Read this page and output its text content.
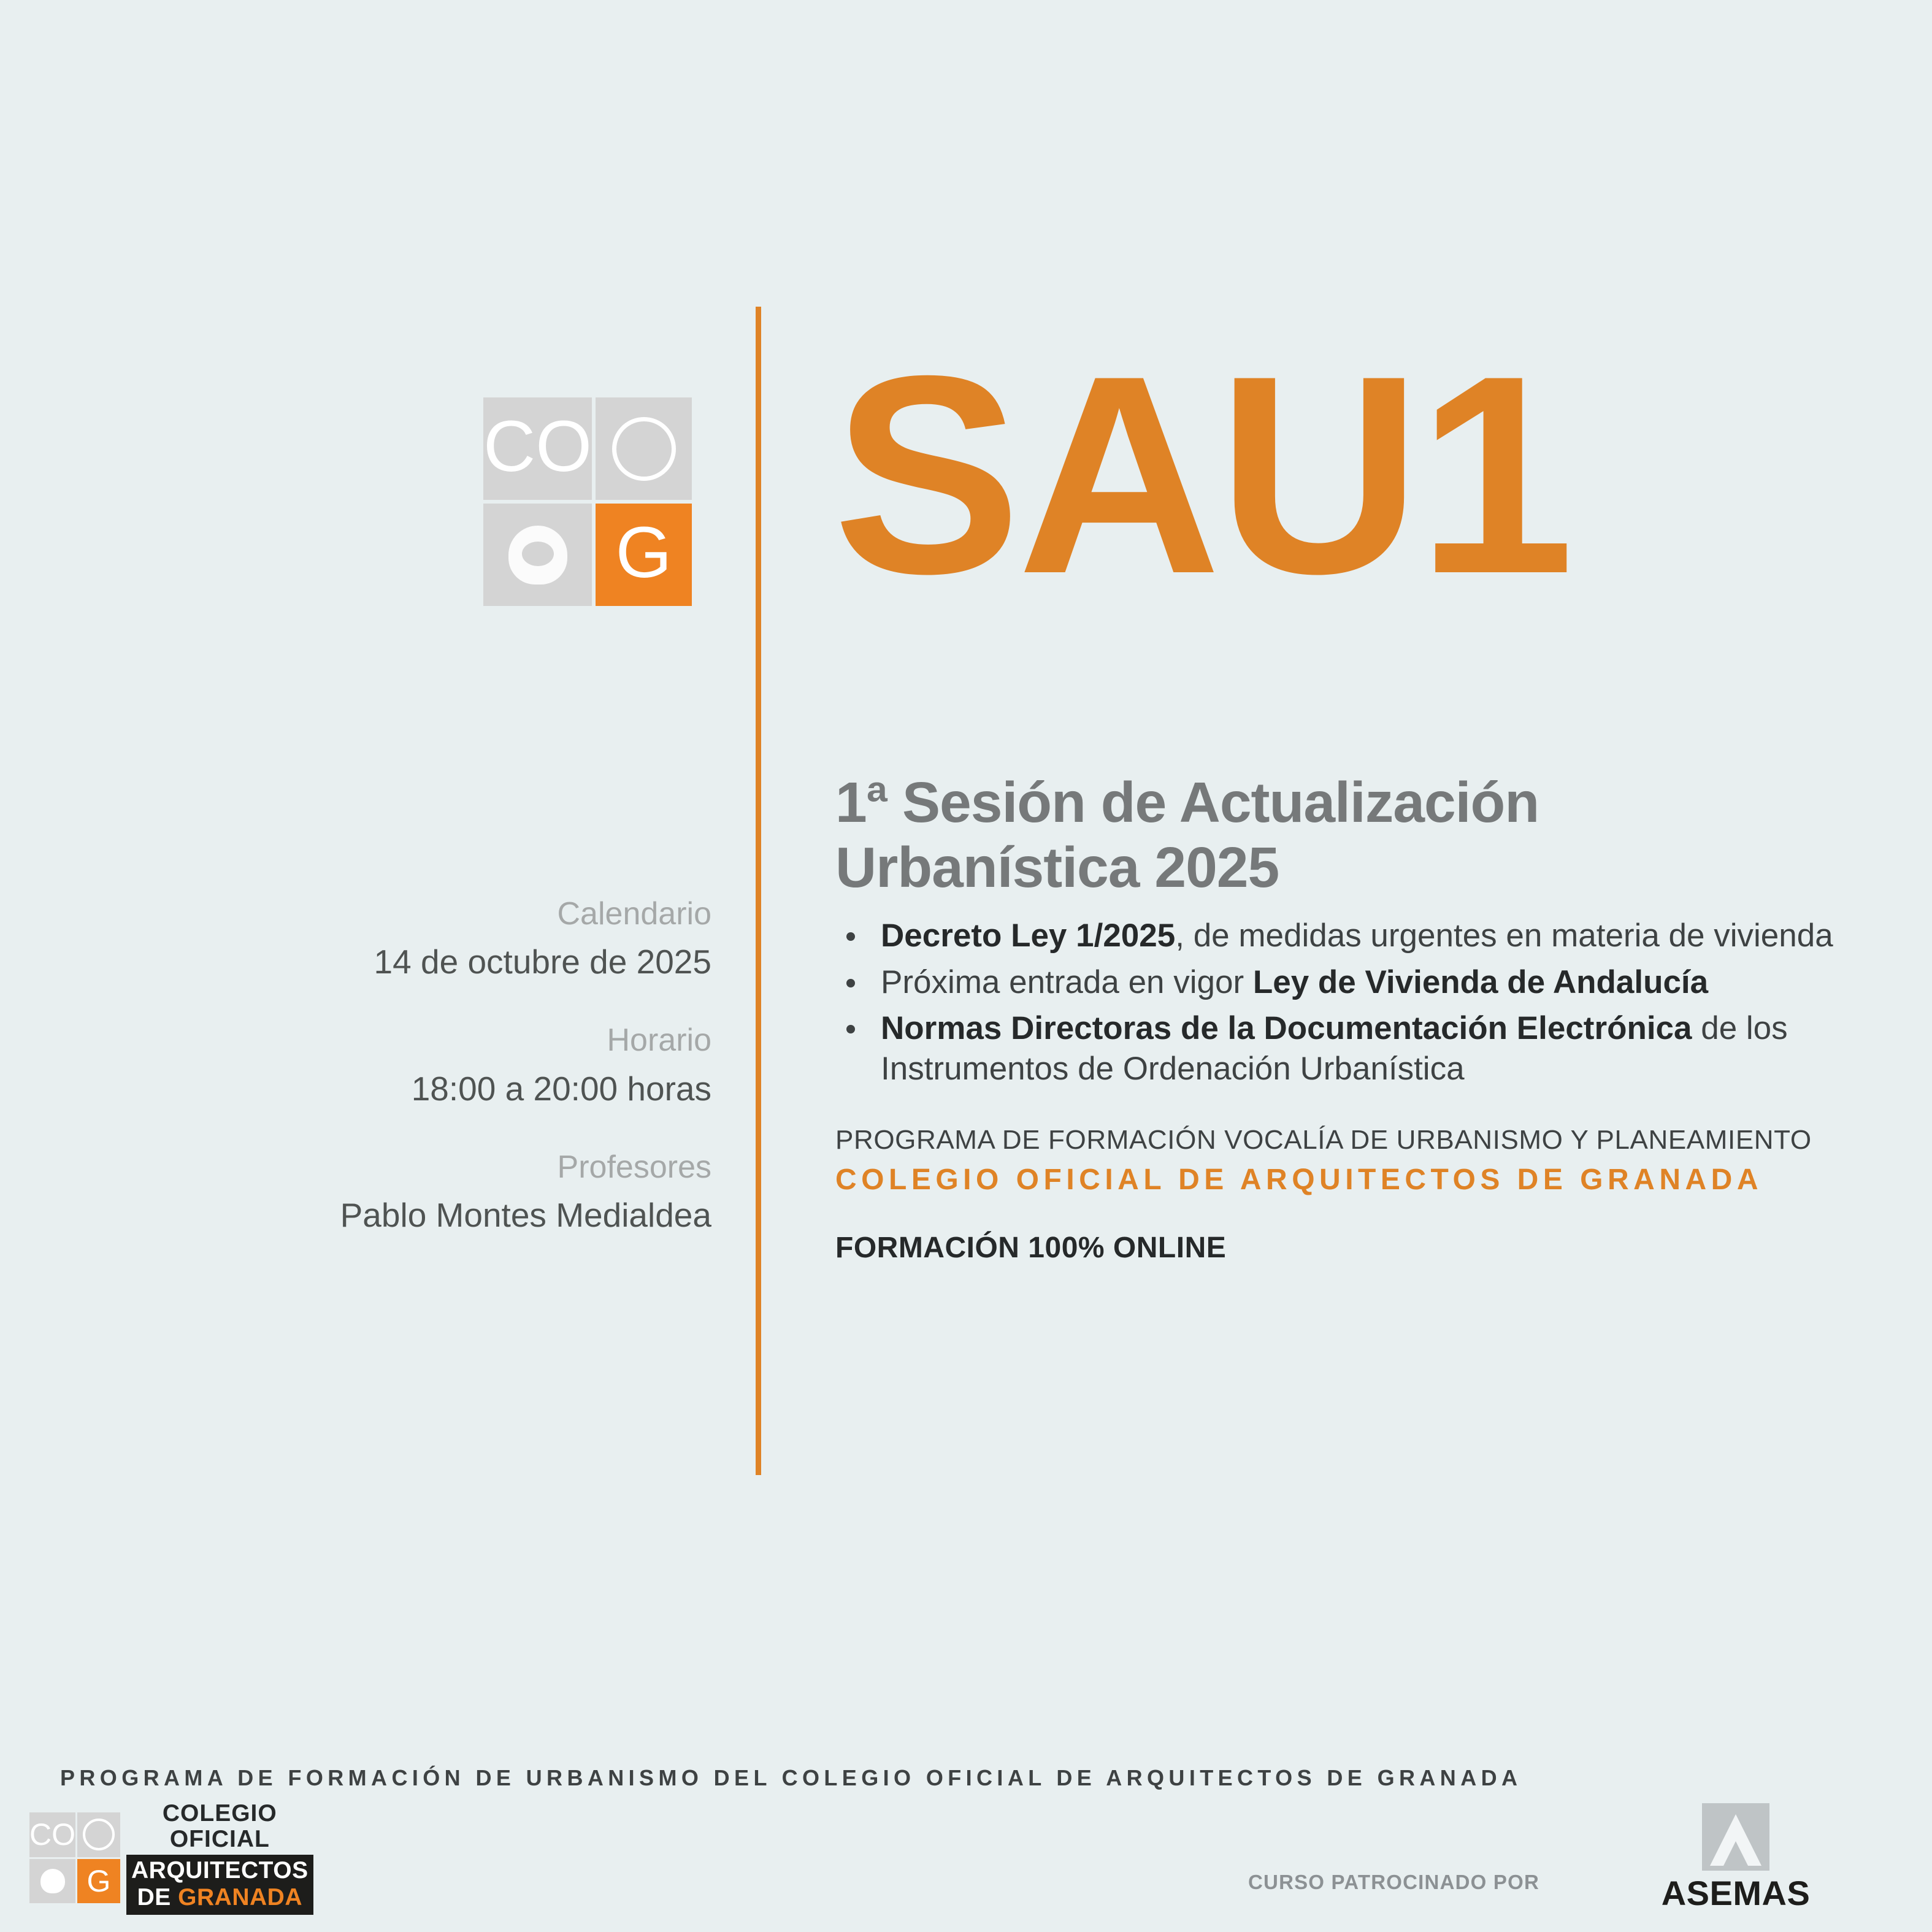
CO
G SAU1
Calendario
14 de octubre de 2025
Horario
18:00 a 20:00 horas
Profesores
Pablo Montes Medialdea
1ª Sesión de Actualización
Urbanística 2025
Decreto Ley 1/2025, de medidas urgentes en materia de vivienda
Próxima entrada en vigor Ley de Vivienda de Andalucía
Normas Directoras de la Documentación Electrónica de los Instrumentos de Ordenación Urbanística
PROGRAMA DE FORMACIÓN VOCALÍA DE URBANISMO Y PLANEAMIENTO
COLEGIO OFICIAL DE ARQUITECTOS DE GRANADA
FORMACIÓN 100% ONLINE
PROGRAMA DE FORMACIÓN DE URBANISMO DEL COLEGIO OFICIAL DE ARQUITECTOS DE GRANADA
CO
G
COLEGIO
OFICIAL
ARQUITECTOS
DE GRANADA
CURSO PATROCINADO POR	ASEMAS
